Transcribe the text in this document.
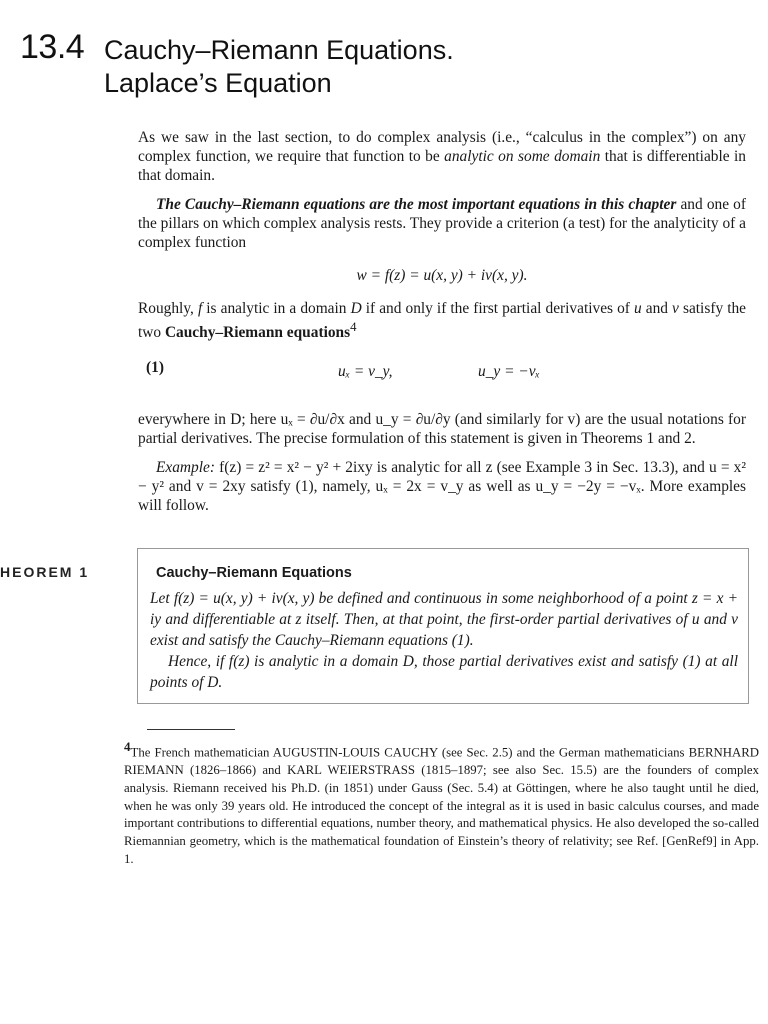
13.4 Cauchy–Riemann Equations.
Laplace’s Equation

As we saw in the last section, to do complex analysis (i.e., “calculus in the complex”) on any complex function, we require that function to be analytic on some domain that is differentiable in that domain.

The Cauchy–Riemann equations are the most important equations in this chapter and one of the pillars on which complex analysis rests. They provide a criterion (a test) for the analyticity of a complex function

w = f(z) = u(x, y) + iv(x, y).

Roughly, f is analytic in a domain D if and only if the first partial derivatives of u and v satisfy the two Cauchy–Riemann equations$^4$

(1)	uₓ = v_y,	u_y = −vₓ

everywhere in D; here uₓ = ∂u/∂x and u_y = ∂u/∂y (and similarly for v) are the usual notations for partial derivatives. The precise formulation of this statement is given in Theorems 1 and 2.

Example: f(z) = z² = x² − y² + 2ixy is analytic for all z (see Example 3 in Sec. 13.3), and u = x² − y² and v = 2xy satisfy (1), namely, uₓ = 2x = v_y as well as u_y = −2y = −vₓ. More examples will follow.

HEOREM 1	Cauchy–Riemann Equations
Let f(z) = u(x, y) + iv(x, y) be defined and continuous in some neighborhood of a point z = x + iy and differentiable at z itself. Then, at that point, the first-order partial derivatives of u and v exist and satisfy the Cauchy–Riemann equations (1).
Hence, if f(z) is analytic in a domain D, those partial derivatives exist and satisfy (1) at all points of D.
$^4$The French mathematician AUGUSTIN-LOUIS CAUCHY (see Sec. 2.5) and the German mathematicians BERNHARD RIEMANN (1826–1866) and KARL WEIERSTRASS (1815–1897; see also Sec. 15.5) are the founders of complex analysis. Riemann received his Ph.D. (in 1851) under Gauss (Sec. 5.4) at Göttingen, where he also taught until he died, when he was only 39 years old. He introduced the concept of the integral as it is used in basic calculus courses, and made important contributions to differential equations, number theory, and mathematical physics. He also developed the so-called Riemannian geometry, which is the mathematical foundation of Einstein’s theory of relativity; see Ref. [GenRef9] in App. 1.
